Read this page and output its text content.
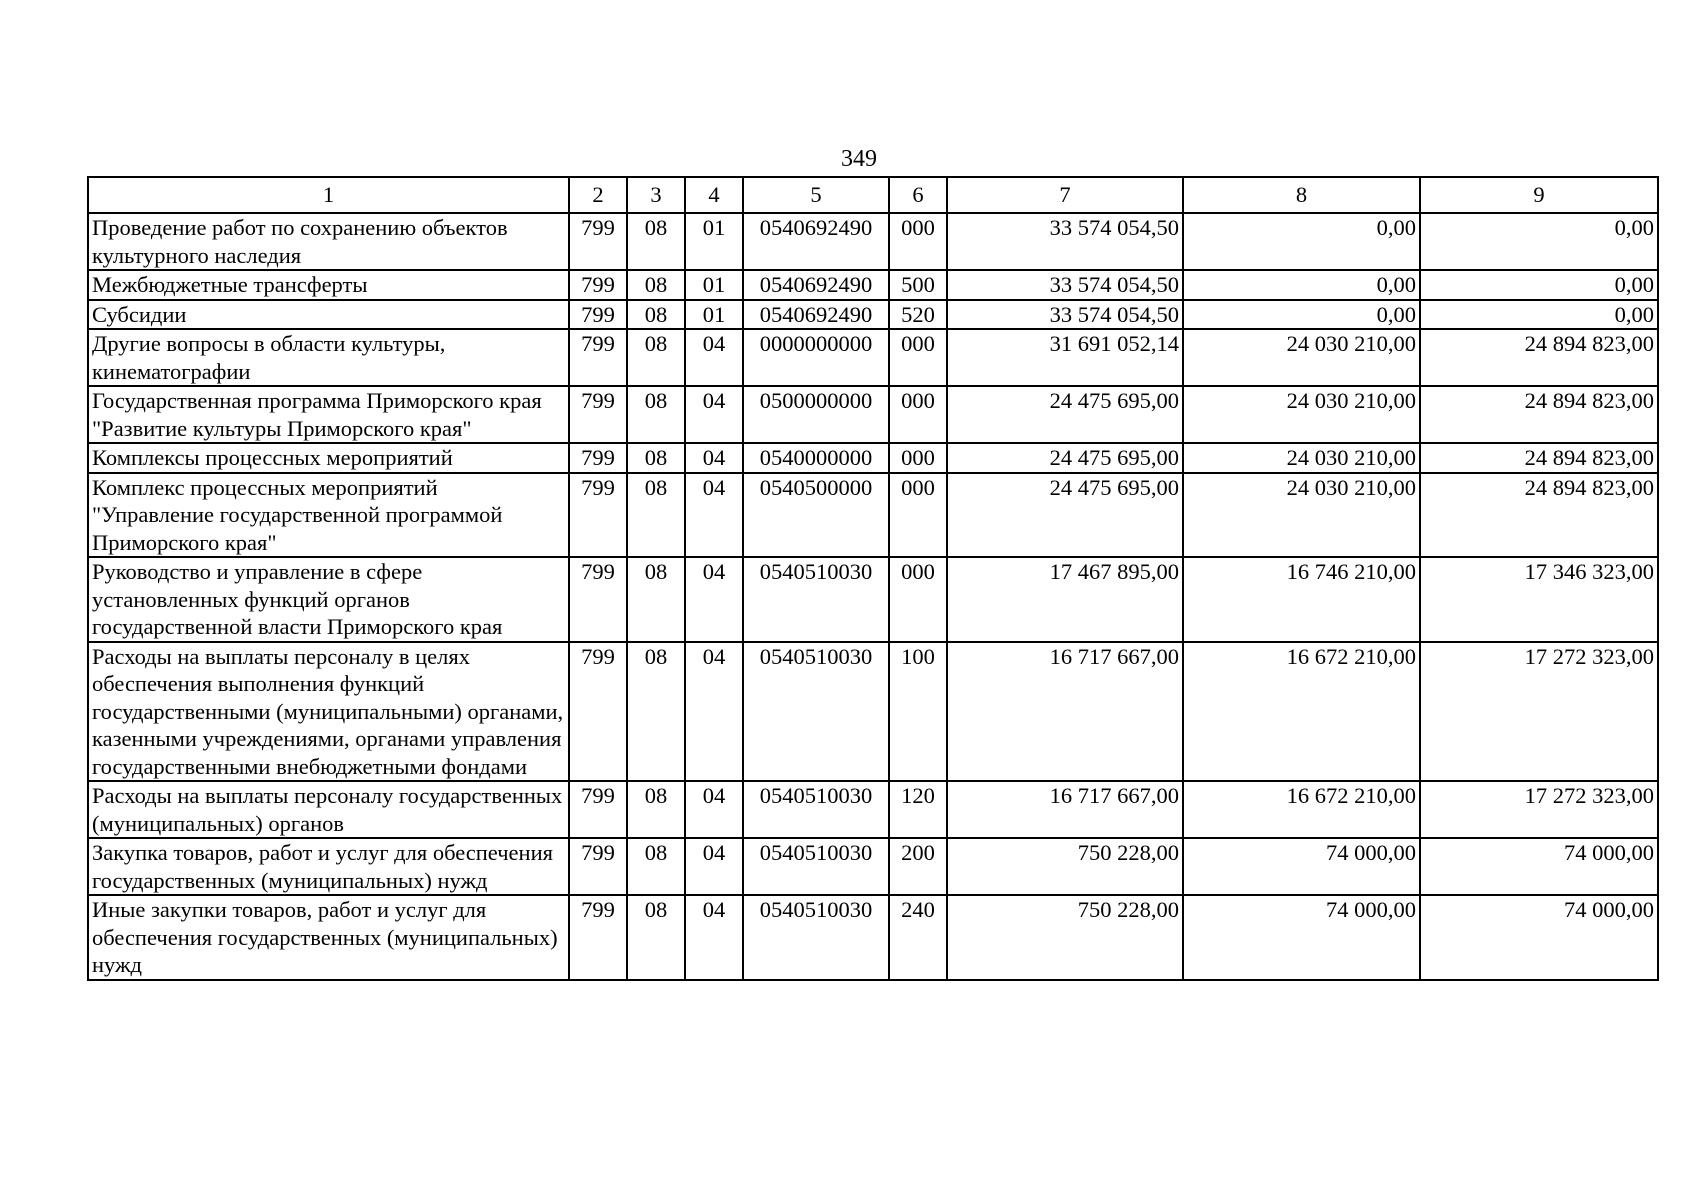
349
1	2	3	4	5	6	7	8	9
Проведение работ по сохранению объектов культурного наследия	799	08	01	0540692490	000	33 574 054,50	0,00	0,00
Межбюджетные трансферты	799	08	01	0540692490	500	33 574 054,50	0,00	0,00
Субсидии	799	08	01	0540692490	520	33 574 054,50	0,00	0,00
Другие вопросы в области культуры, кинематографии	799	08	04	0000000000	000	31 691 052,14	24 030 210,00	24 894 823,00
Государственная программа Приморского края "Развитие культуры Приморского края"	799	08	04	0500000000	000	24 475 695,00	24 030 210,00	24 894 823,00
Комплексы процессных мероприятий	799	08	04	0540000000	000	24 475 695,00	24 030 210,00	24 894 823,00
Комплекс процессных мероприятий "Управление государственной программой Приморского края"	799	08	04	0540500000	000	24 475 695,00	24 030 210,00	24 894 823,00
Руководство и управление в сфере установленных функций органов государственной власти Приморского края	799	08	04	0540510030	000	17 467 895,00	16 746 210,00	17 346 323,00
Расходы на выплаты персоналу в целях обеспечения выполнения функций государственными (муниципальными) органами, казенными учреждениями, органами управления государственными внебюджетными фондами	799	08	04	0540510030	100	16 717 667,00	16 672 210,00	17 272 323,00
Расходы на выплаты персоналу государственных (муниципальных) органов	799	08	04	0540510030	120	16 717 667,00	16 672 210,00	17 272 323,00
Закупка товаров, работ и услуг для обеспечения государственных (муниципальных) нужд	799	08	04	0540510030	200	750 228,00	74 000,00	74 000,00
Иные закупки товаров, работ и услуг для обеспечения государственных (муниципальных) нужд	799	08	04	0540510030	240	750 228,00	74 000,00	74 000,00
